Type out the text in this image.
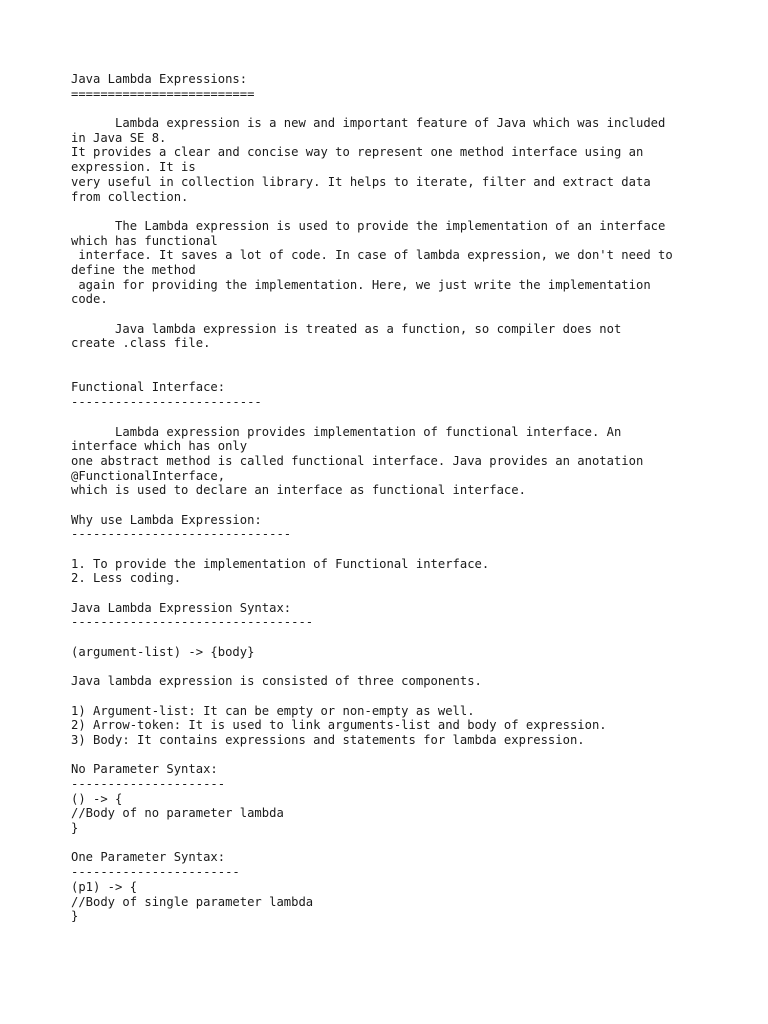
Java Lambda Expressions:
=========================
Lambda expression is a new and important feature of Java which was included
in Java SE 8.
It provides a clear and concise way to represent one method interface using an
expression. It is
very useful in collection library. It helps to iterate, filter and extract data
from collection.
The Lambda expression is used to provide the implementation of an interface
which has functional
interface. It saves a lot of code. In case of lambda expression, we don't need to
define the method
again for providing the implementation. Here, we just write the implementation
code.
Java lambda expression is treated as a function, so compiler does not
create .class file.
Functional Interface:
--------------------------
Lambda expression provides implementation of functional interface. An
interface which has only
one abstract method is called functional interface. Java provides an anotation
@FunctionalInterface,
which is used to declare an interface as functional interface.
Why use Lambda Expression:
------------------------------
1. To provide the implementation of Functional interface.
2. Less coding.
Java Lambda Expression Syntax:
---------------------------------
(argument-list) -> {body}
Java lambda expression is consisted of three components.
1) Argument-list: It can be empty or non-empty as well.
2) Arrow-token: It is used to link arguments-list and body of expression.
3) Body: It contains expressions and statements for lambda expression.
No Parameter Syntax:
---------------------
() -> {
//Body of no parameter lambda
}
One Parameter Syntax:
-----------------------
(p1) -> {
//Body of single parameter lambda
}
